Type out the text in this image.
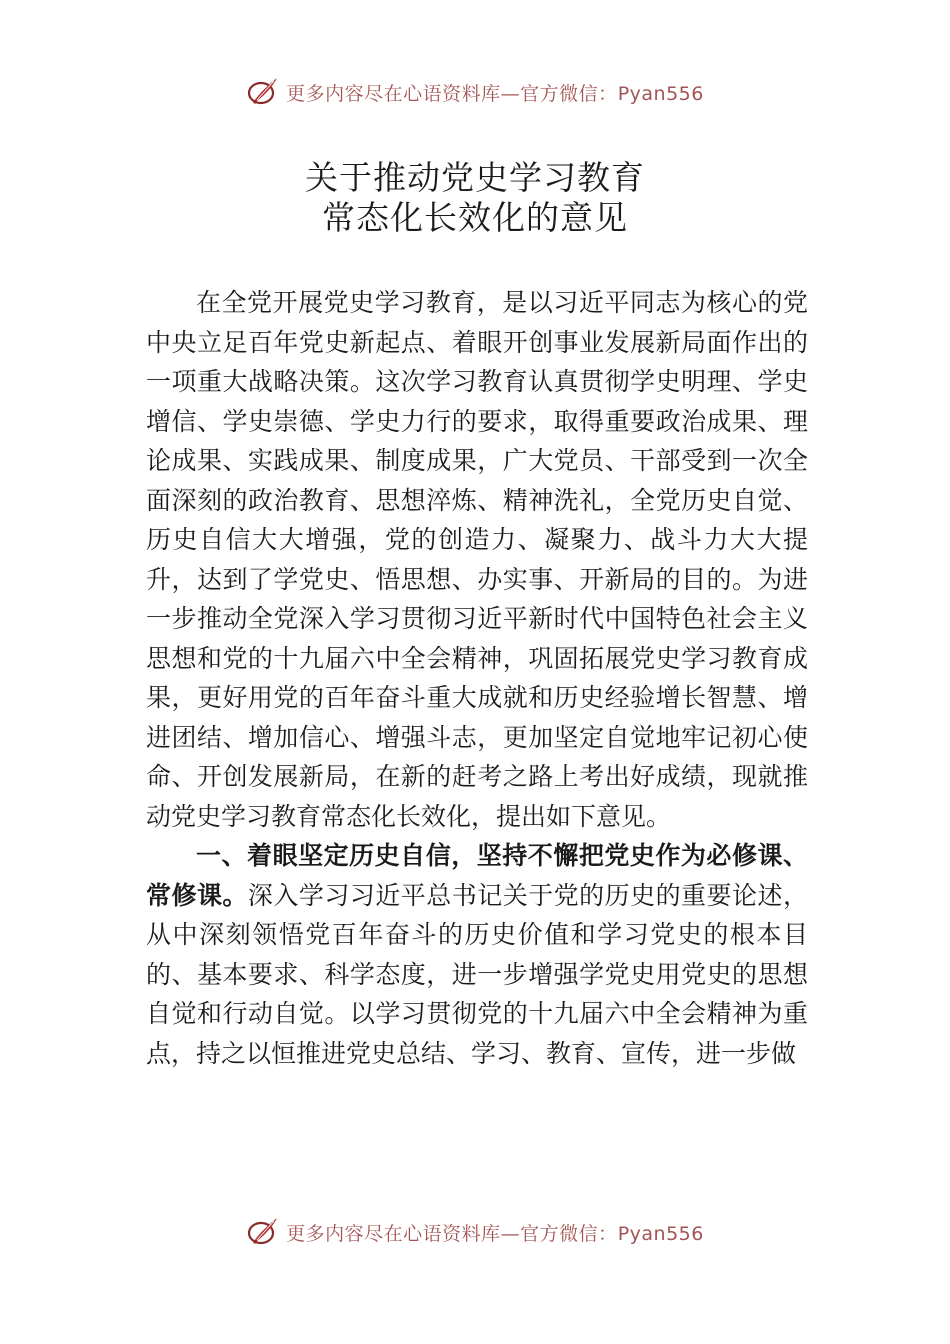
更多内容尽在心语资料库—官方微信：Pyan556
关于推动党史学习教育
常态化长效化的意见

在全党开展党史学习教育，是以习近平同志为核心的党中央立足百年党史新起点、着眼开创事业发展新局面作出的一项重大战略决策。这次学习教育认真贯彻学史明理、学史增信、学史崇德、学史力行的要求，取得重要政治成果、理论成果、实践成果、制度成果，广大党员、干部受到一次全面深刻的政治教育、思想淬炼、精神洗礼，全党历史自觉、历史自信大大增强，党的创造力、凝聚力、战斗力大大提升，达到了学党史、悟思想、办实事、开新局的目的。为进一步推动全党深入学习贯彻习近平新时代中国特色社会主义思想和党的十九届六中全会精神，巩固拓展党史学习教育成果，更好用党的百年奋斗重大成就和历史经验增长智慧、增进团结、增加信心、增强斗志，更加坚定自觉地牢记初心使命、开创发展新局，在新的赶考之路上考出好成绩，现就推动党史学习教育常态化长效化，提出如下意见。

一、着眼坚定历史自信，坚持不懈把党史作为必修课、常修课。深入学习习近平总书记关于党的历史的重要论述，从中深刻领悟党百年奋斗的历史价值和学习党史的根本目的、基本要求、科学态度，进一步增强学党史用党史的思想自觉和行动自觉。以学习贯彻党的十九届六中全会精神为重点，持之以恒推进党史总结、学习、教育、宣传，进一步做

更多内容尽在心语资料库—官方微信：Pyan556
